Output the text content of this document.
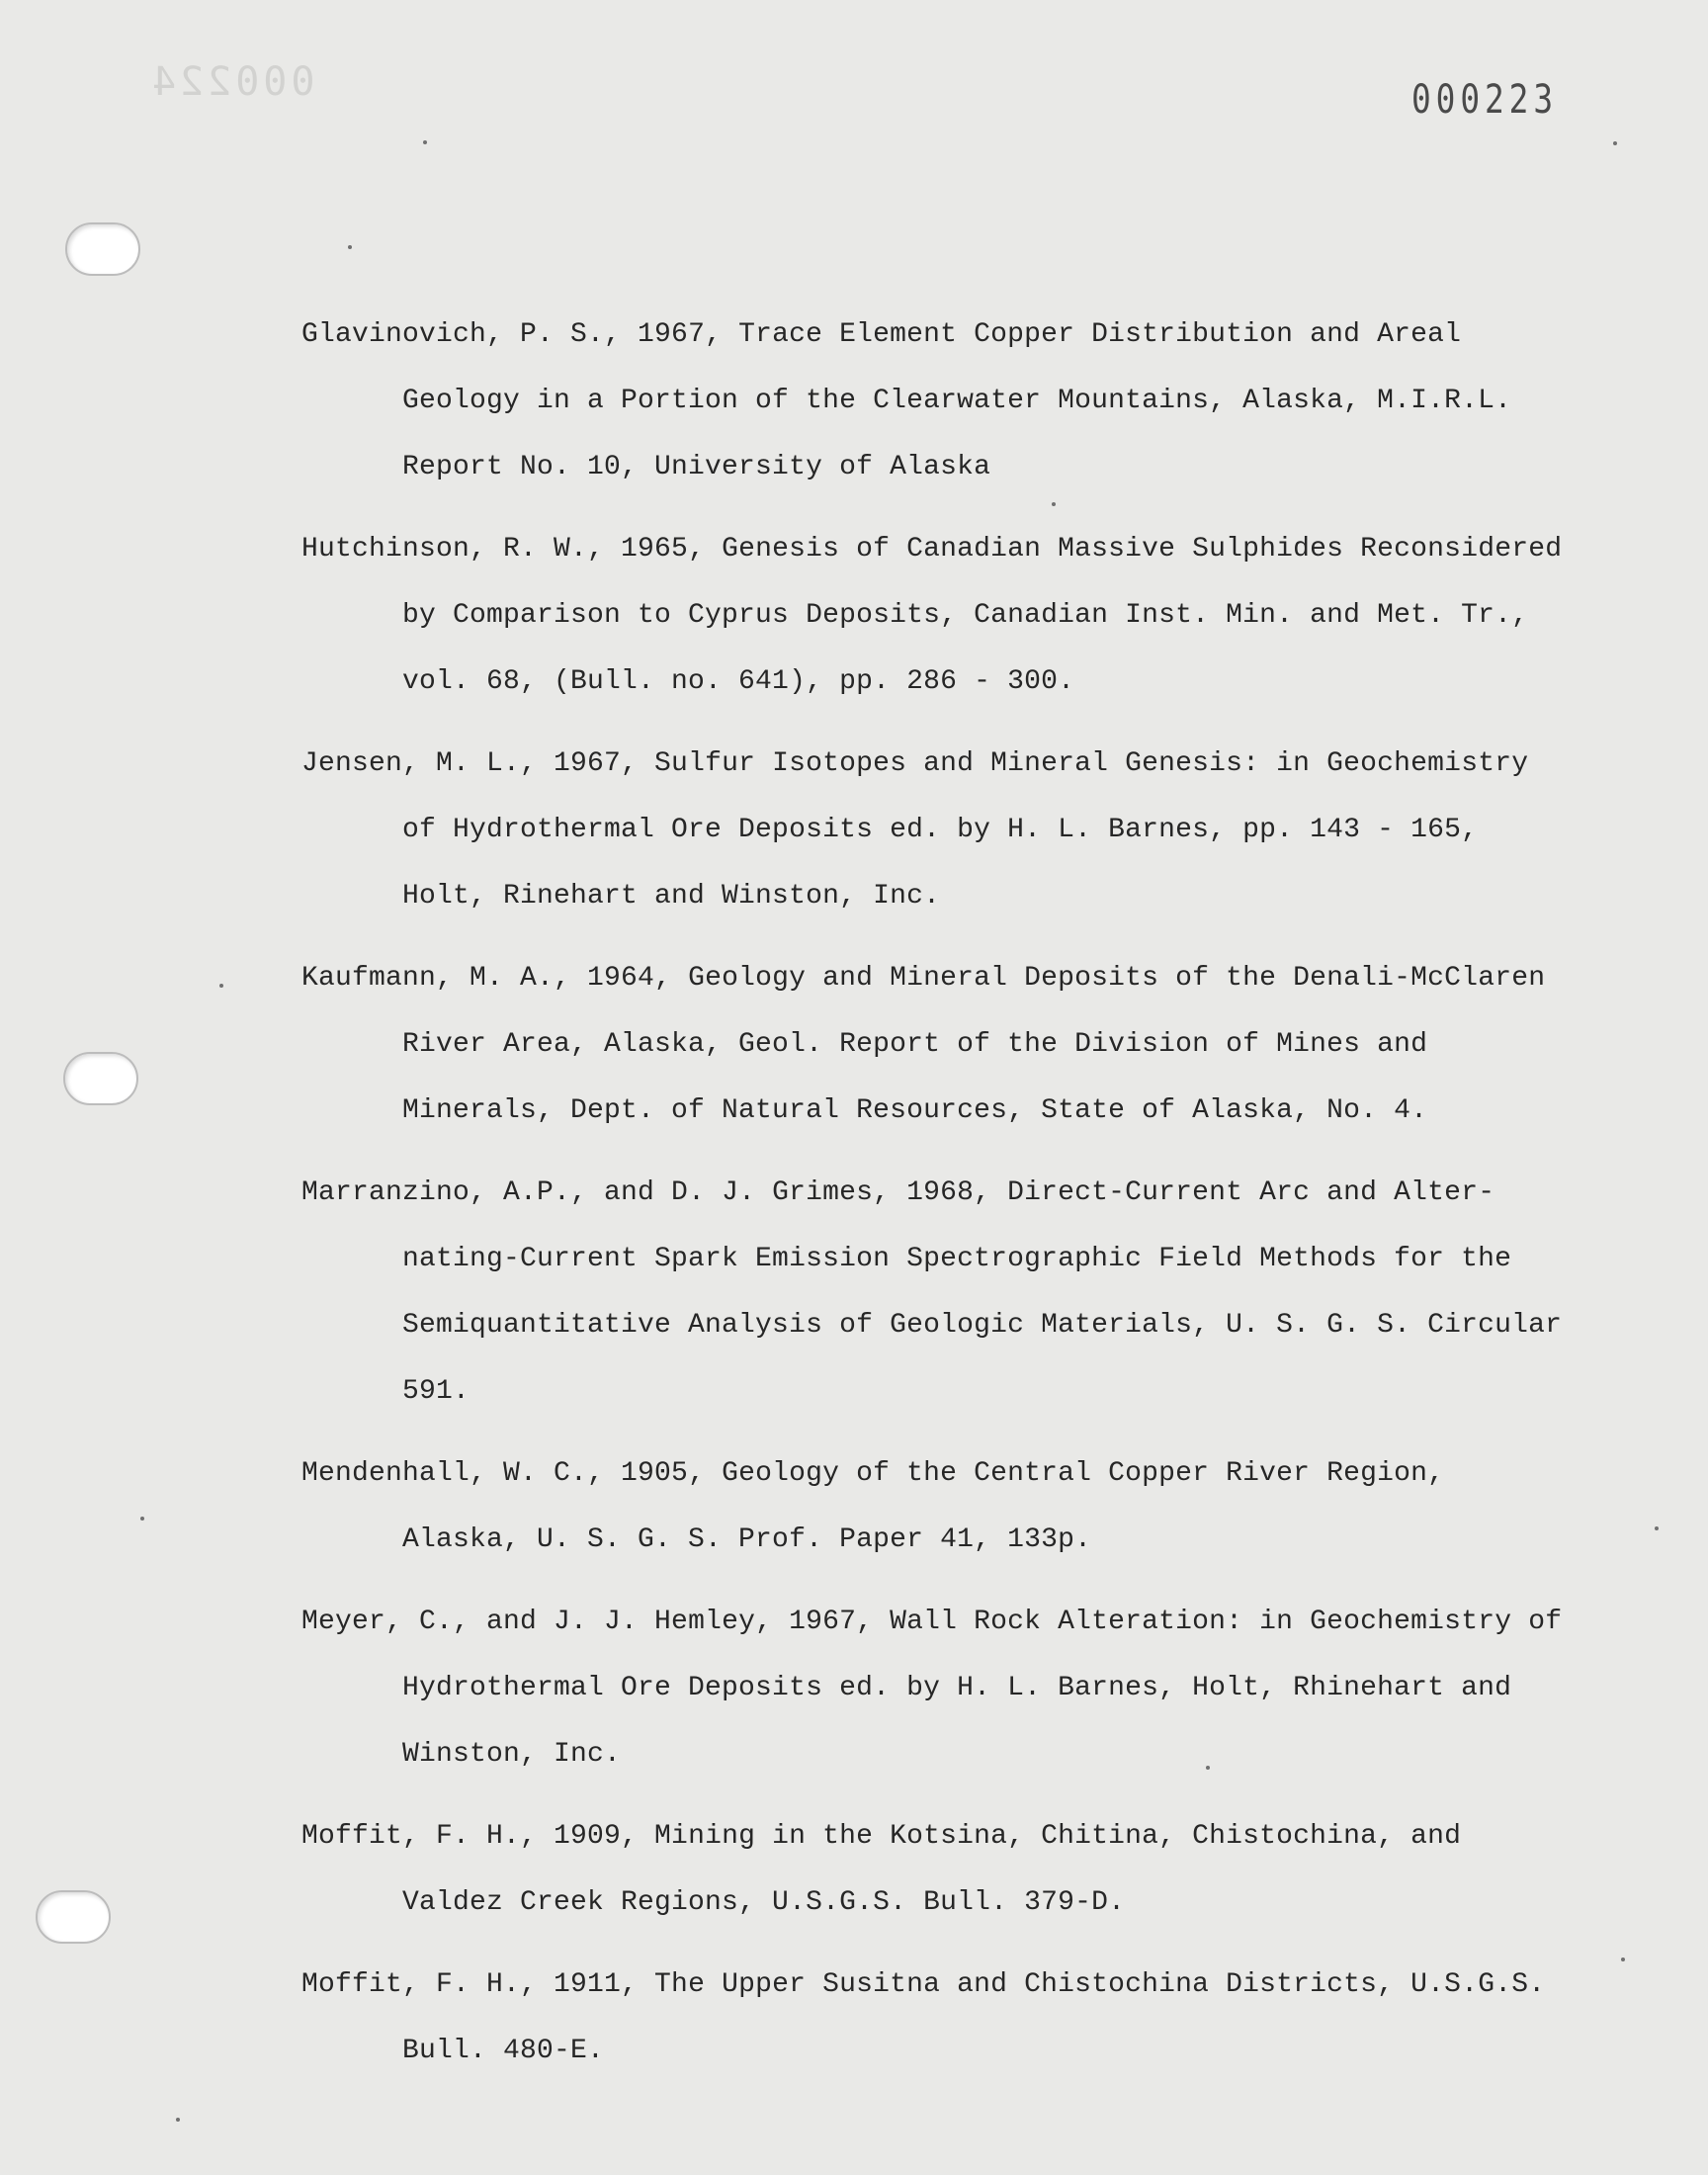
000224	000223
Glavinovich, P. S., 1967, Trace Element Copper Distribution and Areal Geology in a Portion of the Clearwater Mountains, Alaska, M.I.R.L. Report No. 10, University of Alaska
Hutchinson, R. W., 1965, Genesis of Canadian Massive Sulphides Reconsidered by Comparison to Cyprus Deposits, Canadian Inst. Min. and Met. Tr., vol. 68, (Bull. no. 641), pp. 286 - 300.
Jensen, M. L., 1967, Sulfur Isotopes and Mineral Genesis: in Geochemistry of Hydrothermal Ore Deposits ed. by H. L. Barnes, pp. 143 - 165, Holt, Rinehart and Winston, Inc.
Kaufmann, M. A., 1964, Geology and Mineral Deposits of the Denali-McClaren River Area, Alaska, Geol. Report of the Division of Mines and Minerals, Dept. of Natural Resources, State of Alaska, No. 4.
Marranzino, A.P., and D. J. Grimes, 1968, Direct-Current Arc and Alter-nating-Current Spark Emission Spectrographic Field Methods for the Semiquantitative Analysis of Geologic Materials, U. S. G. S. Circular 591.
Mendenhall, W. C., 1905, Geology of the Central Copper River Region, Alaska, U. S. G. S. Prof. Paper 41, 133p.
Meyer, C., and J. J. Hemley, 1967, Wall Rock Alteration: in Geochemistry of Hydrothermal Ore Deposits ed. by H. L. Barnes, Holt, Rhinehart and Winston, Inc.
Moffit, F. H., 1909, Mining in the Kotsina, Chitina, Chistochina, and Valdez Creek Regions, U.S.G.S. Bull. 379-D.
Moffit, F. H., 1911, The Upper Susitna and Chistochina Districts, U.S.G.S. Bull. 480-E.
